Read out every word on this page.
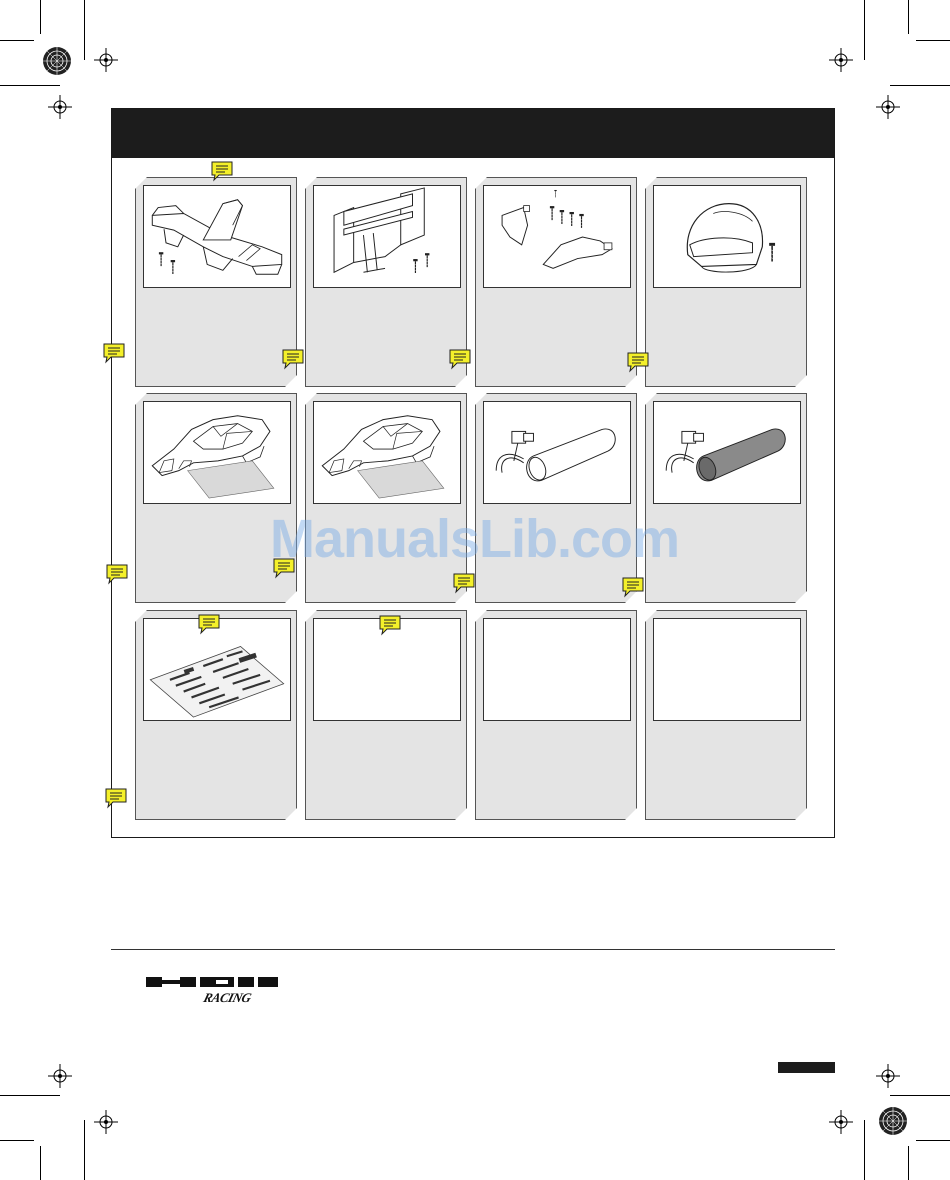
ManualsLib.com
RACING
